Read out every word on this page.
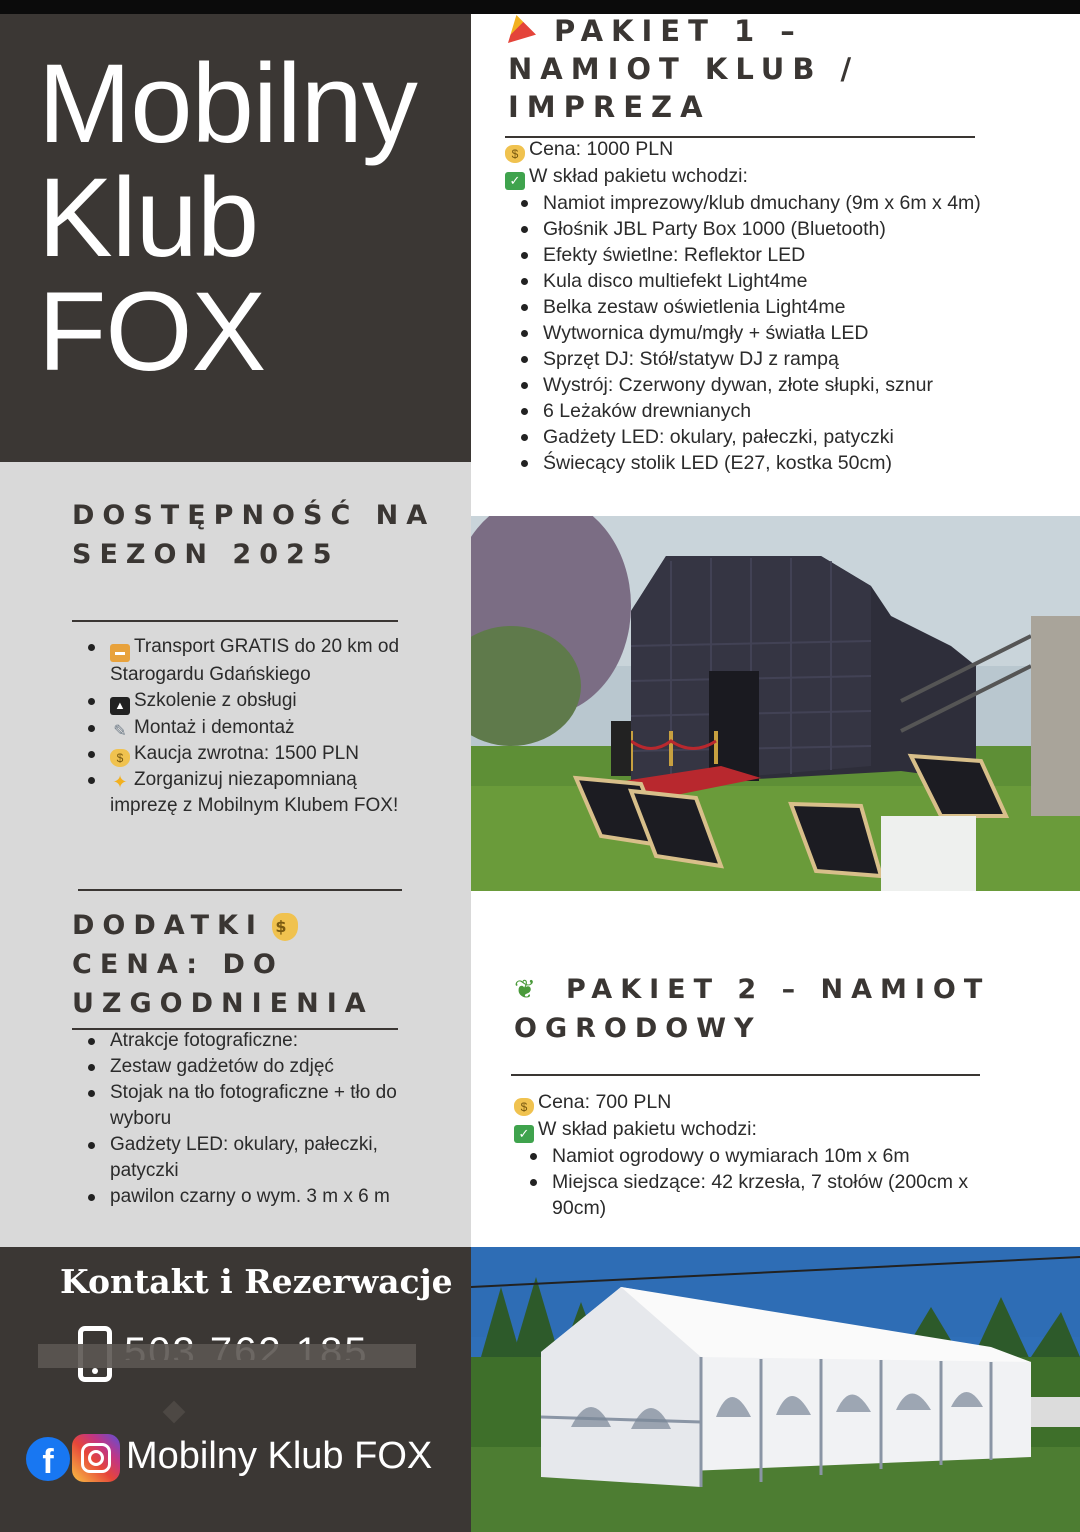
Mobilny
Klub
FOX
DOSTĘPNOŚĆ NA SEZON 2025
▬ Transport GRATIS do 20 km od Starogardu Gdańskiego
▲ Szkolenie z obsługi
✎ Montaż i demontaż
$ Kaucja zwrotna: 1500 PLN
✦ Zorganizuj niezapomnianą imprezę z Mobilnym Klubem FOX!
DODATKI $
CENA: DO UZGODNIENIA
Atrakcje fotograficzne:
Zestaw gadżetów do zdjęć
Stojak na tło fotograficzne + tło do wyboru
Gadżety LED: okulary, pałeczki, patyczki
pawilon czarny o wym. 3 m x 6 m
Kontakt i Rezerwacje
f	Mobilny Klub FOX
PAKIET 1 – NAMIOT KLUB / IMPREZA
$ Cena: 1000 PLN
✓ W skład pakietu wchodzi:
Namiot imprezowy/klub dmuchany (9m x 6m x 4m)
Głośnik JBL Party Box 1000 (Bluetooth)
Efekty świetlne: Reflektor LED
Kula disco multiefekt Light4me
Belka zestaw oświetlenia Light4me
Wytwornica dymu/mgły + światła LED
Sprzęt DJ: Stół/statyw DJ z rampą
Wystrój: Czerwony dywan, złote słupki, sznur
6 Leżaków drewnianych
Gadżety LED: okulary, pałeczki, patyczki
Świecący stolik LED (E27, kostka 50cm)
❦ PAKIET 2 – NAMIOT OGRODOWY
$ Cena: 700 PLN
✓ W skład pakietu wchodzi:
Namiot ogrodowy o wymiarach 10m x 6m
Miejsca siedzące: 42 krzesła, 7 stołów (200cm x 90cm)
